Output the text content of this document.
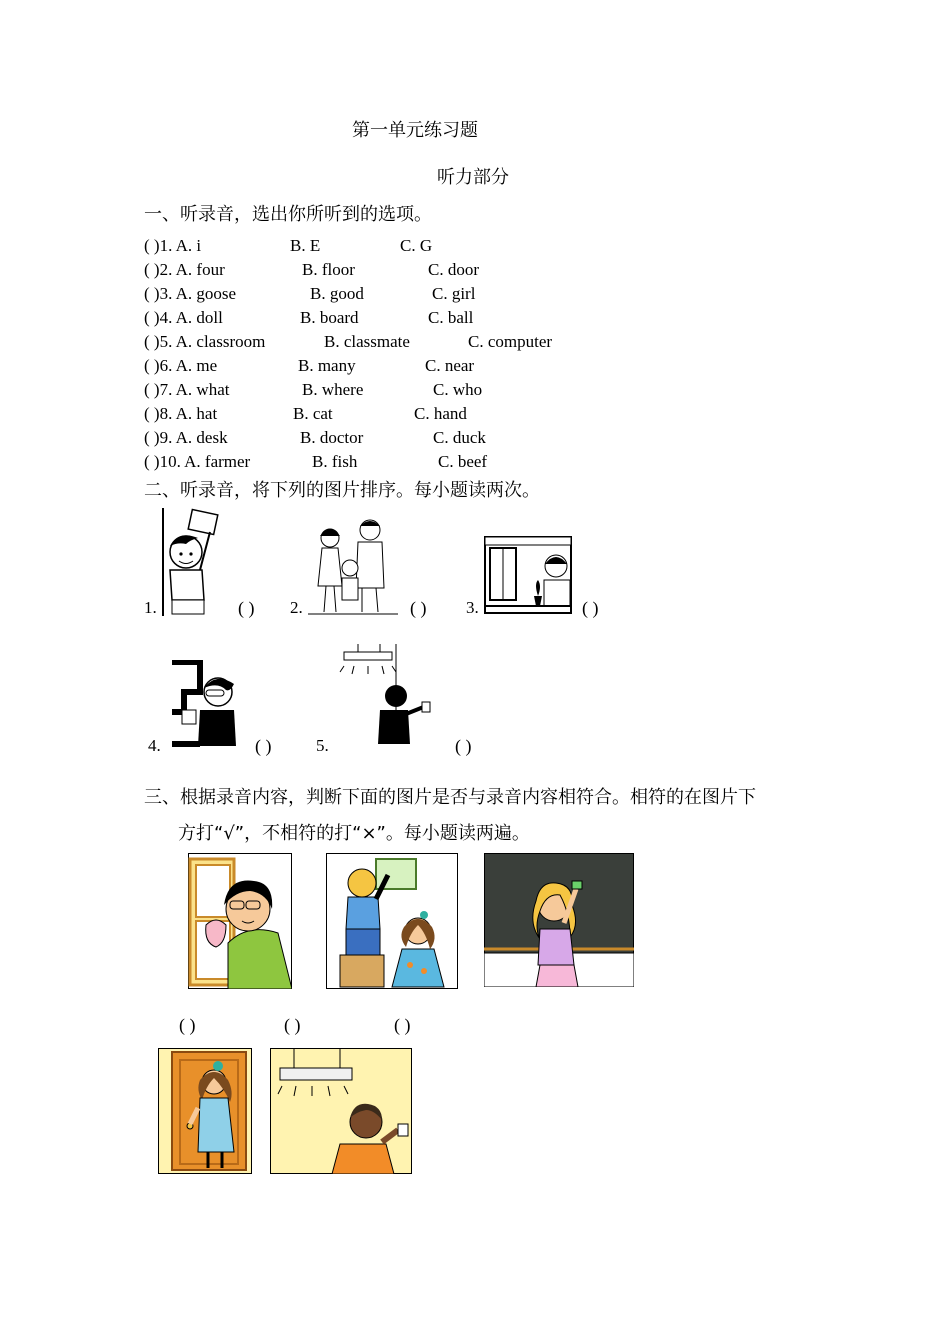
第一单元练习题
听力部分
一、听录音，选出你所听到的选项。
( )1. A. i	B. E	C. G
( )2. A. four	B. floor	C. door
( )3. A. goose	B. good	C. girl
( )4. A. doll	B. board	C. ball
( )5. A. classroom	B. classmate	C. computer
( )6. A. me	B. many	C. near
( )7. A. what	B. where	C. who
( )8. A. hat	B. cat	C. hand
( )9. A. desk	B. doctor	C. duck
( )10. A. farmer	B. fish	C. beef
二、听录音，将下列的图片排序。每小题读两次。
1.	( ) 2.	( ) 3.	( )
4.	( )	5.	( )
三、根据录音内容，判断下面的图片是否与录音内容相符合。相符的在图片下
方打“√”，不相符的打“×”。每小题读两遍。
( )	( )	( )
